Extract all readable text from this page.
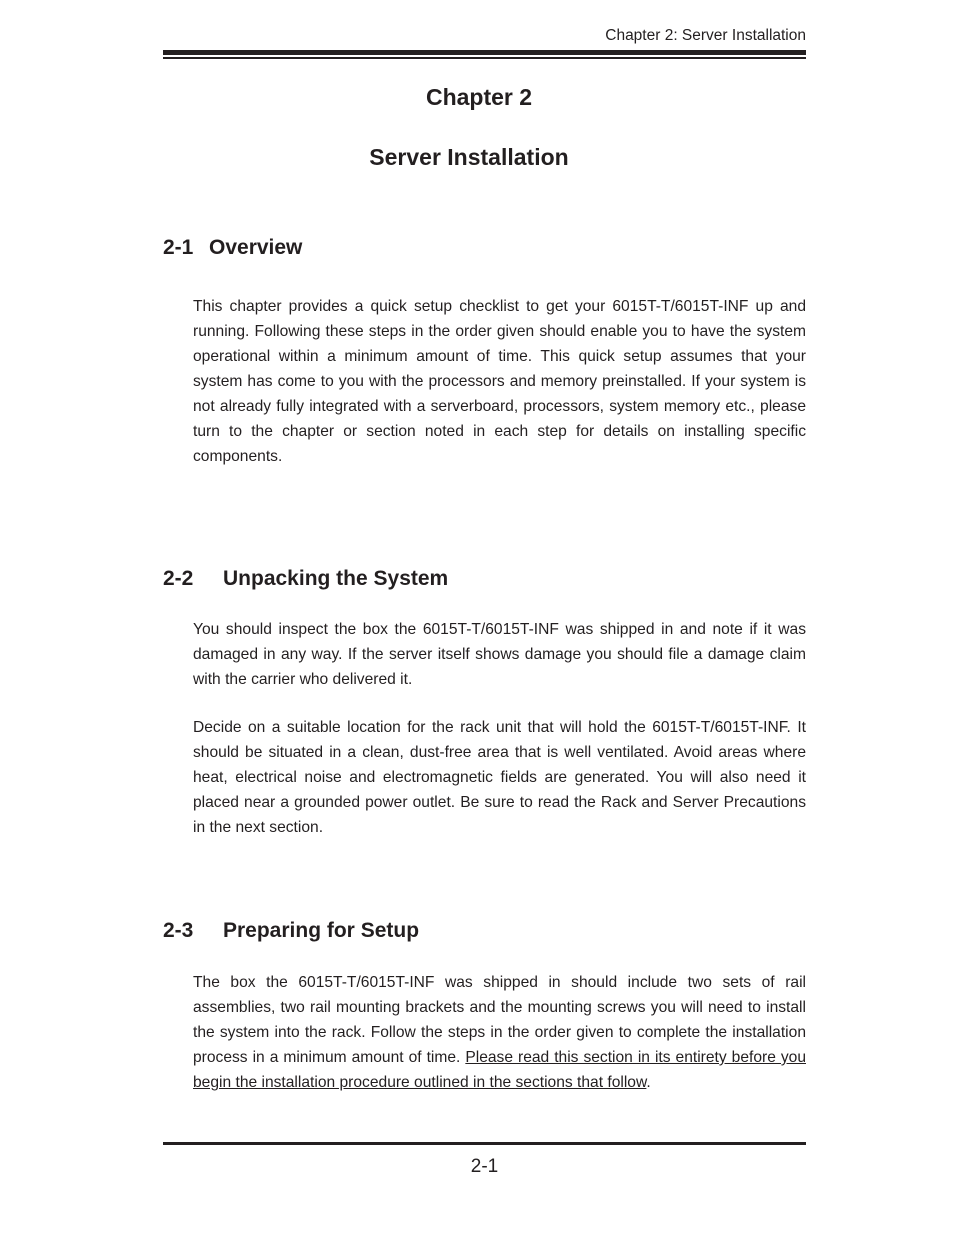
Chapter 2: Server Installation
Chapter 2
Server Installation
2-1 Overview

This chapter provides a quick setup checklist to get your 6015T-T/6015T-INF up and running. Following these steps in the order given should enable you to have the system operational within a minimum amount of time. This quick setup assumes that your system has come to you with the processors and memory preinstalled. If your system is not already fully integrated with a serverboard, processors, system memory etc., please turn to the chapter or section noted in each step for details on installing specific components.

2-2 Unpacking the System

You should inspect the box the 6015T-T/6015T-INF was shipped in and note if it was damaged in any way. If the server itself shows damage you should file a damage claim with the carrier who delivered it.

Decide on a suitable location for the rack unit that will hold the 6015T-T/6015T-INF. It should be situated in a clean, dust-free area that is well ventilated. Avoid areas where heat, electrical noise and electromagnetic fields are generated. You will also need it placed near a grounded power outlet. Be sure to read the Rack and Server Precautions in the next section.

2-3 Preparing for Setup

The box the 6015T-T/6015T-INF was shipped in should include two sets of rail assemblies, two rail mounting brackets and the mounting screws you will need to install the system into the rack. Follow the steps in the order given to complete the installation process in a minimum amount of time. Please read this section in its entirety before you begin the installation procedure outlined in the sections that follow.

2-1
